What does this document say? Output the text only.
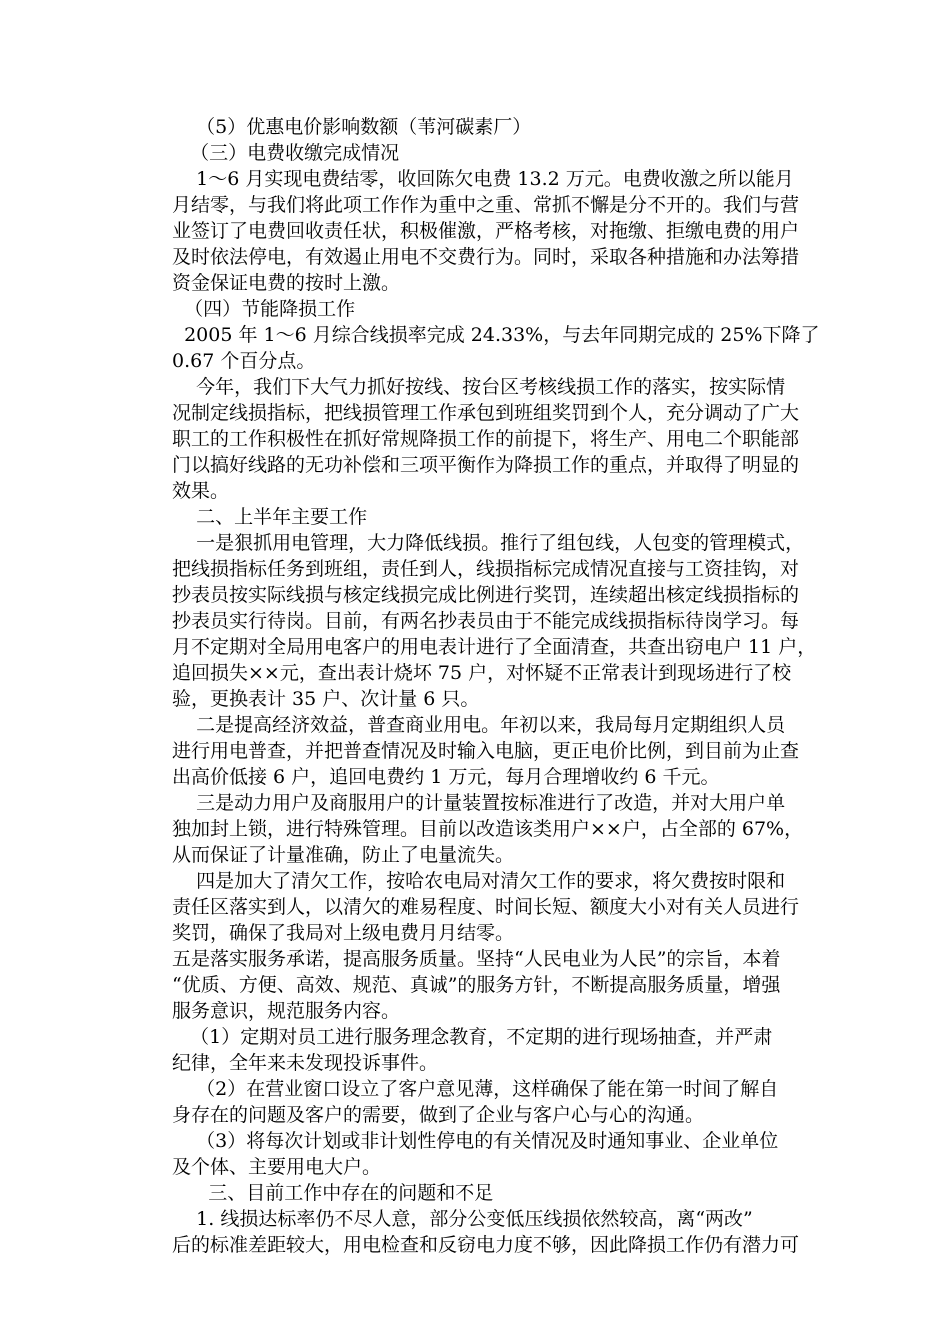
（5）优惠电价影响数额（苇河碳素厂）
（三）电费收缴完成情况
1～6 月实现电费结零，收回陈欠电费 13.2 万元。电费收激之所以能月
月结零，与我们将此项工作作为重中之重、常抓不懈是分不开的。我们与营
业签订了电费回收责任状，积极催激，严格考核，对拖缴、拒缴电费的用户
及时依法停电，有效遏止用电不交费行为。同时，采取各种措施和办法筹措
资金保证电费的按时上激。
（四）节能降损工作
2005 年 1～6 月综合线损率完成 24.33%，与去年同期完成的 25%下降了
0.67 个百分点。
今年，我们下大气力抓好按线、按台区考核线损工作的落实，按实际情
况制定线损指标，把线损管理工作承包到班组奖罚到个人，充分调动了广大
职工的工作积极性在抓好常规降损工作的前提下，将生产、用电二个职能部
门以搞好线路的无功补偿和三项平衡作为降损工作的重点，并取得了明显的
效果。
二、上半年主要工作
一是狠抓用电管理，大力降低线损。推行了组包线，人包变的管理模式，
把线损指标任务到班组，责任到人，线损指标完成情况直接与工资挂钩，对
抄表员按实际线损与核定线损完成比例进行奖罚，连续超出核定线损指标的
抄表员实行待岗。目前，有两名抄表员由于不能完成线损指标待岗学习。每
月不定期对全局用电客户的用电表计进行了全面清查，共查出窃电户 11 户，
追回损失××元，查出表计烧坏 75 户，对怀疑不正常表计到现场进行了校
验，更换表计 35 户、次计量 6 只。
二是提高经济效益，普查商业用电。年初以来，我局每月定期组织人员
进行用电普查，并把普查情况及时输入电脑，更正电价比例，到目前为止查
出高价低接 6 户，追回电费约 1 万元，每月合理增收约 6 千元。
三是动力用户及商服用户的计量装置按标准进行了改造，并对大用户单
独加封上锁，进行特殊管理。目前以改造该类用户××户，占全部的 67%，
从而保证了计量准确，防止了电量流失。
四是加大了清欠工作，按哈农电局对清欠工作的要求，将欠费按时限和
责任区落实到人，以清欠的难易程度、时间长短、额度大小对有关人员进行
奖罚，确保了我局对上级电费月月结零。
五是落实服务承诺，提高服务质量。坚持“人民电业为人民”的宗旨，本着
“优质、方便、高效、规范、真诚”的服务方针，不断提高服务质量，增强
服务意识，规范服务内容。
（1）定期对员工进行服务理念教育，不定期的进行现场抽查，并严肃
纪律，全年来未发现投诉事件。
（2）在营业窗口设立了客户意见薄，这样确保了能在第一时间了解自
身存在的问题及客户的需要，做到了企业与客户心与心的沟通。
（3）将每次计划或非计划性停电的有关情况及时通知事业、企业单位
及个体、主要用电大户。
三、目前工作中存在的问题和不足
1. 线损达标率仍不尽人意，部分公变低压线损依然较高，离“两改”
后的标准差距较大，用电检查和反窃电力度不够，因此降损工作仍有潜力可
